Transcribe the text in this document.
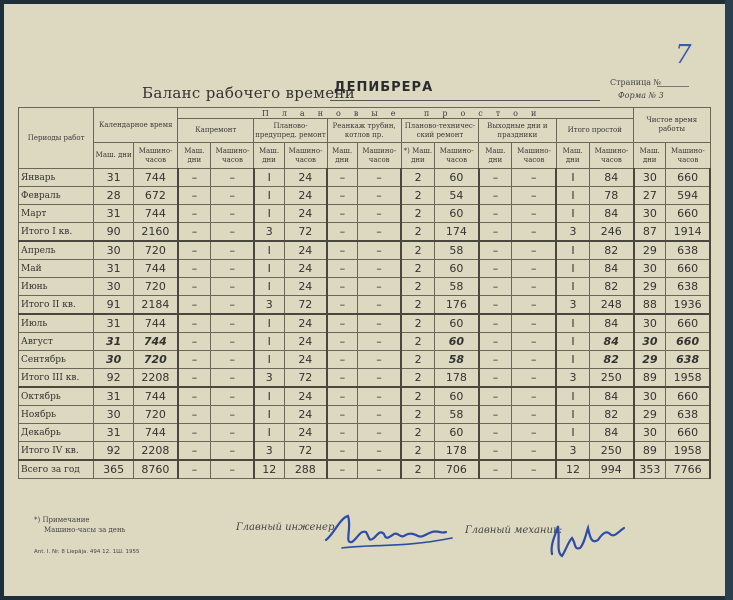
7
Баланс рабочего времени
ДЕПИБРЕРА	Страница №
Форма № 3
Периоды работ	Календарное время		Плановые простои												Чистое время работы	
			Капремонт		Планово-предупред. ремонт		Реанкаж трубин, котлов пр.		Планово-техничес-ский ремонт		Выходные дни и праздники		Итого простой			
	Маш. дни	Машино-часов	Маш. дни	Машино-часов	Маш. дни	Машино-часов	Маш. дни	Машино-часов	*) Маш. дни	Машино-часов	Маш. дни	Машино-часов	Маш. дни	Машино-часов	Маш. дни	Машино-часов
Январь	31	744	–	–	I	24	–	–	2	60	–	–	I	84	30	660
Февраль	28	672	–	–	I	24	–	–	2	54	–	–	I	78	27	594
Март	31	744	–	–	I	24	–	–	2	60	–	–	I	84	30	660
Итого I кв.	90	2160	–	–	3	72	–	–	2	174	–	–	3	246	87	1914
Апрель	30	720	–	–	I	24	–	–	2	58	–	–	I	82	29	638
Май	31	744	–	–	I	24	–	–	2	60	–	–	I	84	30	660
Июнь	30	720	–	–	I	24	–	–	2	58	–	–	I	82	29	638
Итого II кв.	91	2184	–	–	3	72	–	–	2	176	–	–	3	248	88	1936
Июль	31	744	–	–	I	24	–	–	2	60	–	–	I	84	30	660
Август	31	744	–	–	I	24	–	–	2	60	–	–	I	84	30	660
Сентябрь	30	720	–	–	I	24	–	–	2	58	–	–	I	82	29	638
Итого III кв.	92	2208	–	–	3	72	–	–	2	178	–	–	3	250	89	1958
Октябрь	31	744	–	–	I	24	–	–	2	60	–	–	I	84	30	660
Ноябрь	30	720	–	–	I	24	–	–	2	58	–	–	I	82	29	638
Декабрь	31	744	–	–	I	24	–	–	2	60	–	–	I	84	30	660
Итого IV кв.	92	2208	–	–	3	72	–	–	2	178	–	–	3	250	89	1958
Всего за год	365	8760	–	–	12	288	–	–	2	706	–	–	12	994	353	7766
*) Примечание
Машино-часы за день
Ant. I. Nr. 8 Liepāja. 494 12. 1Ш. 1955
Главный инженер:	Главный механик:
